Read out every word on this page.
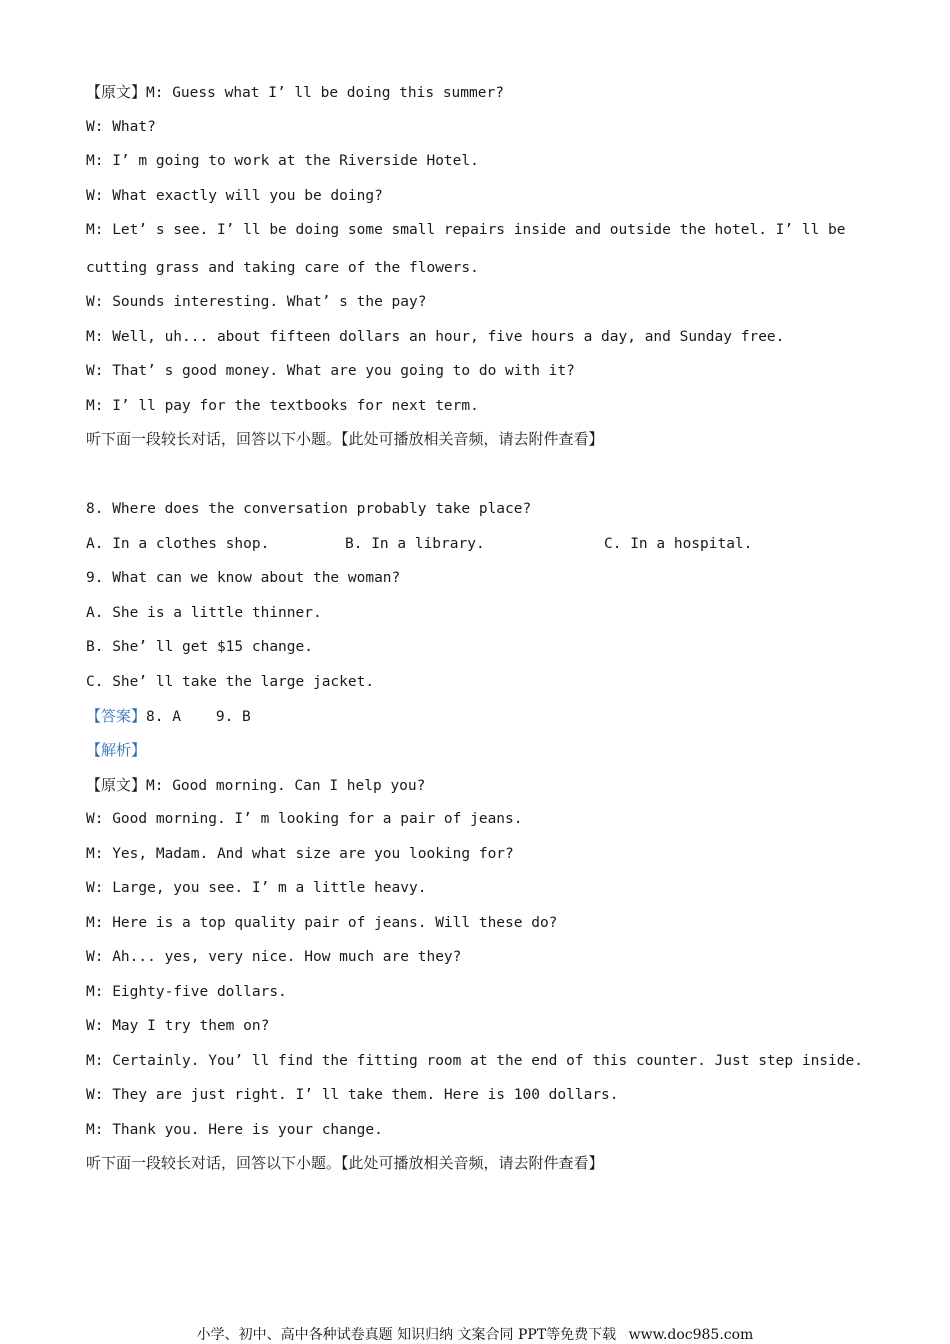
【原文】M: Guess what I’ ll be doing this summer?
W: What?
M: I’ m going to work at the Riverside Hotel.
W: What exactly will you be doing?
M: Let’ s see. I’ ll be doing some small repairs inside and outside the hotel. I’ ll be
cutting grass and taking care of the flowers.
W: Sounds interesting. What’ s the pay?
M: Well, uh... about fifteen dollars an hour, five hours a day, and Sunday free.
W: That’ s good money. What are you going to do with it?
M: I’ ll pay for the textbooks for next term.
听下面一段较长对话，回答以下小题。【此处可播放相关音频，请去附件查看】
8. Where does the conversation probably take place?
A. In a clothes shop.	B. In a library.	C. In a hospital.
9. What can we know about the woman?
A. She is a little thinner.
B. She’ ll get $15 change.
C. She’ ll take the large jacket.
【答案】8. A    9. B
【解析】
【原文】M: Good morning. Can I help you?
W: Good morning. I’ m looking for a pair of jeans.
M: Yes, Madam. And what size are you looking for?
W: Large, you see. I’ m a little heavy.
M: Here is a top quality pair of jeans. Will these do?
W: Ah... yes, very nice. How much are they?
M: Eighty-five dollars.
W: May I try them on?
M: Certainly. You’ ll find the fitting room at the end of this counter. Just step inside.
W: They are just right. I’ ll take them. Here is 100 dollars.
M: Thank you. Here is your change.
听下面一段较长对话，回答以下小题。【此处可播放相关音频，请去附件查看】
小学、初中、高中各种试卷真题 知识归纳 文案合同 PPT等免费下载 www.doc985.com
